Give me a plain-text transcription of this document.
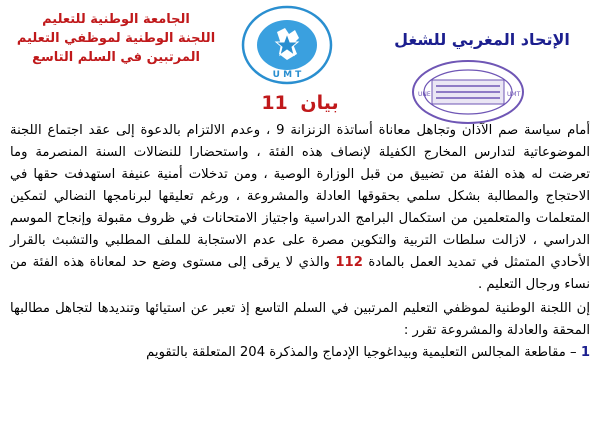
الجامعة الوطنية للتعليم
اللجنة الوطنية لموظفي التعليم
المرتبين في السلم التاسع
U M T
الإتحاد المغربي للشغل
UNE	UMT
بيان 11

أمام سياسة صم الآذان وتجاهل معاناة أساتذة الزنزانة 9 ، وعدم الالتزام بالدعوة إلى عقد اجتماع اللجنة الموضوعاتية لتدارس المخارج الكفيلة لإنصاف هذه الفئة ، واستحضارا للنضالات السنة المنصرمة وما تعرضت له هذه الفئة من تضييق من قبل الوزارة الوصية ، ومن تدخلات أمنية عنيفة استهدفت حقها في الاحتجاج والمطالبة بشكل سلمي بحقوقها العادلة والمشروعة ، ورغم تعليقها لبرنامجها النضالي لتمكين المتعلمات والمتعلمين من استكمال البرامج الدراسية واجتياز الامتحانات في ظروف مقبولة وإنجاح الموسم الدراسي ، لازالت سلطات التربية والتكوين مصرة على عدم الاستجابة للملف المطلبي والتشبث بالقرار الأحادي المتمثل في تمديد العمل بالمادة 112 والذي لا يرقى إلى مستوى وضع حد لمعاناة هذه الفئة من نساء ورجال التعليم .

إن اللجنة الوطنية لموظفي التعليم المرتبين في السلم التاسع إذ تعبر عن استيائها وتنديدها لتجاهل مطالبها المحقة والعادلة والمشروعة تقرر :

1 – مقاطعة المجالس التعليمية وبيداغوجيا الإدماج والمذكرة 204 المتعلقة بالتقويم
